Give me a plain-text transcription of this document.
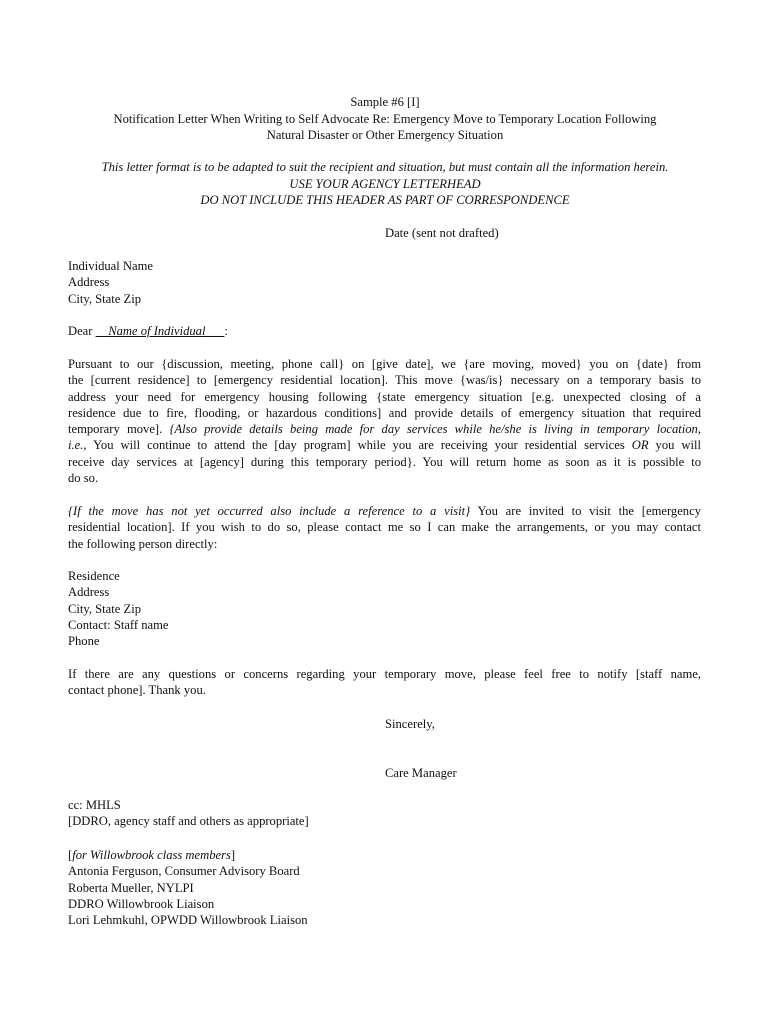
Sample #6 [I]
Notification Letter When Writing to Self Advocate Re: Emergency Move to Temporary Location Following
Natural Disaster or Other Emergency Situation
This letter format is to be adapted to suit the recipient and situation, but must contain all the information herein.
USE YOUR AGENCY LETTERHEAD
DO NOT INCLUDE THIS HEADER AS PART OF CORRESPONDENCE
Date (sent not drafted)
Individual Name
Address
City, State Zip
Dear __Name of Individual___:
Pursuant to our {discussion, meeting, phone call} on [give date], we {are moving, moved} you on {date} from
the [current residence] to [emergency residential location]. This move {was/is} necessary on a temporary basis to
address your need for emergency housing following {state emergency situation [e.g. unexpected closing of a
residence due to fire, flooding, or hazardous conditions] and provide details of emergency situation that required
temporary move]. {Also provide details being made for day services while he/she is living in temporary location,
i.e., You will continue to attend the [day program] while you are receiving your residential services OR you will
receive day services at [agency] during this temporary period}. You will return home as soon as it is possible to
do so.
{If the move has not yet occurred also include a reference to a visit} You are invited to visit the [emergency
residential location]. If you wish to do so, please contact me so I can make the arrangements, or you may contact
the following person directly:
Residence
Address
City, State Zip
Contact: Staff name
Phone
If there are any questions or concerns regarding your temporary move, please feel free to notify [staff name,
contact phone]. Thank you.
Sincerely,
Care Manager
cc: MHLS
[DDRO, agency staff and others as appropriate]
[for Willowbrook class members]
Antonia Ferguson, Consumer Advisory Board
Roberta Mueller, NYLPI
DDRO Willowbrook Liaison
Lori Lehmkuhl, OPWDD Willowbrook Liaison
